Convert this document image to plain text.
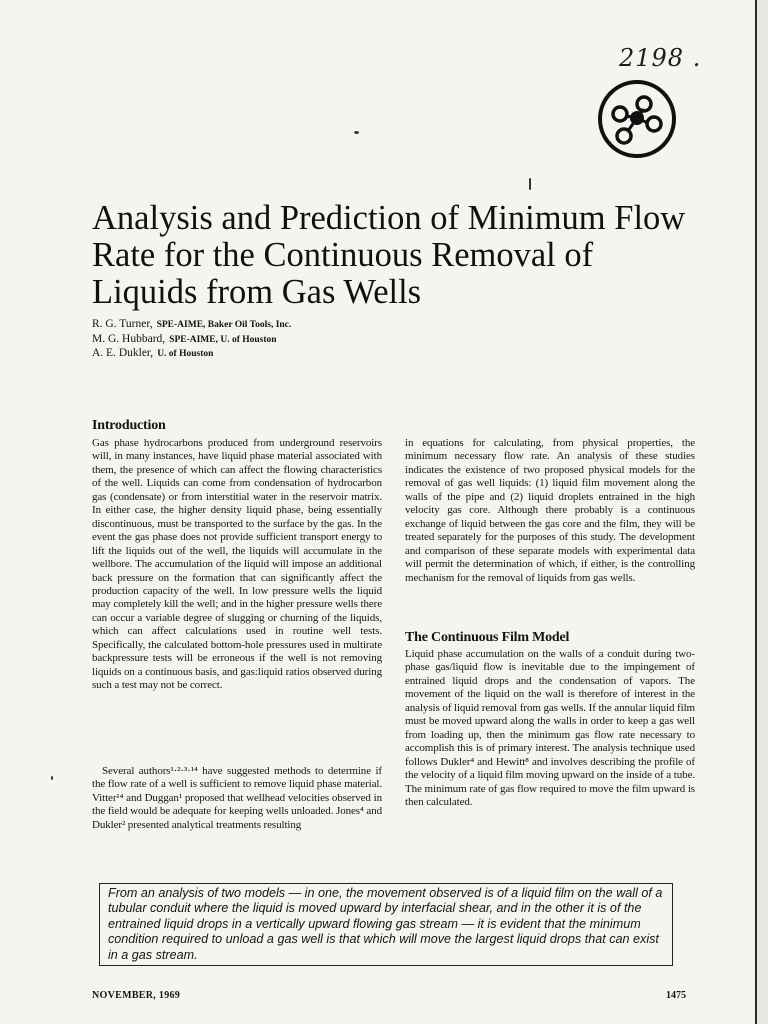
2198 .
Analysis and Prediction of Minimum Flow Rate for the Continuous Removal of Liquids from Gas Wells
R. G. Turner, SPE-AIME, Baker Oil Tools, Inc.
M. G. Hubbard, SPE-AIME, U. of Houston
A. E. Dukler, U. of Houston
Introduction

Gas phase hydrocarbons produced from underground reservoirs will, in many instances, have liquid phase material associated with them, the presence of which can affect the flowing characteristics of the well. Liquids can come from condensation of hydrocarbon gas (condensate) or from interstitial water in the reservoir matrix. In either case, the higher density liquid phase, being essentially discontinuous, must be transported to the surface by the gas. In the event the gas phase does not provide sufficient transport energy to lift the liquids out of the well, the liquids will accumulate in the wellbore. The accumulation of the liquid will impose an additional back pressure on the formation that can significantly affect the production capacity of the well. In low pressure wells the liquid may completely kill the well; and in the higher pressure wells there can occur a variable degree of slugging or churning of the liquids, which can affect calculations used in routine well tests. Specifically, the calculated bottom-hole pressures used in multirate backpressure tests will be erroneous if the well is not removing liquids on a continuous basis, and gas:liquid ratios observed during such a test may not be correct.

Several authors¹·²·³·¹⁴ have suggested methods to determine if the flow rate of a well is sufficient to remove liquid phase material. Vitter¹⁴ and Duggan¹ proposed that wellhead velocities observed in the field would be adequate for keeping wells unloaded. Jones⁴ and Dukler² presented analytical treatments resulting

in equations for calculating, from physical properties, the minimum necessary flow rate. An analysis of these studies indicates the existence of two proposed physical models for the removal of gas well liquids: (1) liquid film movement along the walls of the pipe and (2) liquid droplets entrained in the high velocity gas core. Although there probably is a continuous exchange of liquid between the gas core and the film, they will be treated separately for the purposes of this study. The development and comparison of these separate models with experimental data will permit the determination of which, if either, is the controlling mechanism for the removal of liquids from gas wells.

The Continuous Film Model

Liquid phase accumulation on the walls of a conduit during two-phase gas/liquid flow is inevitable due to the impingement of entrained liquid drops and the condensation of vapors. The movement of the liquid on the wall is therefore of interest in the analysis of liquid removal from gas wells. If the annular liquid film must be moved upward along the walls in order to keep a gas well from loading up, then the minimum gas flow rate necessary to accomplish this is of primary interest. The analysis technique used follows Dukler⁴ and Hewitt⁸ and involves describing the profile of the velocity of a liquid film moving upward on the inside of a tube. The minimum rate of gas flow required to move the film upward is then calculated.

From an analysis of two models — in one, the movement observed is of a liquid film on the wall of a tubular conduit where the liquid is moved upward by interfacial shear, and in the other it is of the entrained liquid drops in a vertically upward flowing gas stream — it is evident that the minimum condition required to unload a gas well is that which will move the largest liquid drops that can exist in a gas stream.

NOVEMBER, 1969	1475
